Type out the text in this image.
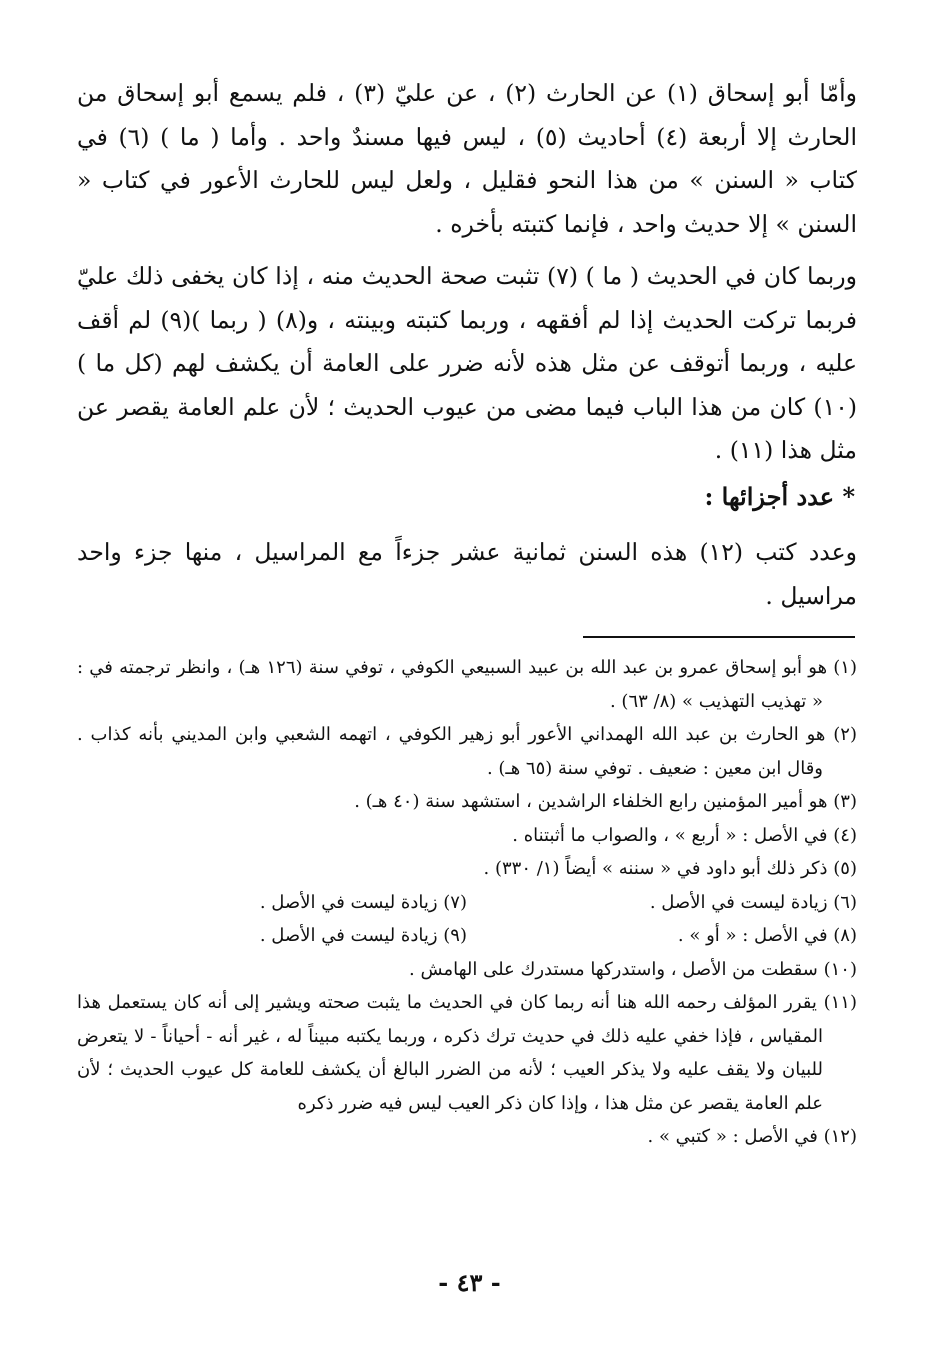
وأمّا أبو إسحاق (١) عن الحارث (٢) ، عن عليّ (٣) ، فلم يسمع أبو إسحاق من الحارث إلا أربعة (٤) أحاديث (٥) ، ليس فيها مسندٌ واحد . وأما ( ما ) (٦) في كتاب « السنن » من هذا النحو فقليل ، ولعل ليس للحارث الأعور في كتاب « السنن » إلا حديث واحد ، فإنما كتبته بأخره .
وربما كان في الحديث ( ما ) (٧) تثبت صحة الحديث منه ، إذا كان يخفى ذلك عليّ فربما تركت الحديث إذا لم أفقهه ، وربما كتبته وبينته ، و(٨) ( ربما )(٩) لم أقف عليه ، وربما أتوقف عن مثل هذه لأنه ضرر على العامة أن يكشف لهم (كل ما ) (١٠) كان من هذا الباب فيما مضى من عيوب الحديث ؛ لأن علم العامة يقصر عن مثل هذا (١١) .
* عدد أجزائها :
وعدد كتب (١٢) هذه السنن ثمانية عشر جزءاً مع المراسيل ، منها جزء واحد مراسيل .
(١) هو أبو إسحاق عمرو بن عبد الله بن عبيد السبيعي الكوفي ، توفي سنة (١٢٦ هـ) ، وانظر ترجمته في : « تهذيب التهذيب » (٨/ ٦٣) .
(٢) هو الحارث بن عبد الله الهمداني الأعور أبو زهير الكوفي ، اتهمه الشعبي وابن المديني بأنه كذاب . وقال ابن معين : ضعيف . توفي سنة (٦٥ هـ) .
(٣) هو أمير المؤمنين رابع الخلفاء الراشدين ، استشهد سنة (٤٠ هـ) .
(٤) في الأصل : « أربع » ، والصواب ما أثبتناه .
(٥) ذكر ذلك أبو داود في « سننه » أيضاً (١/ ٣٣٠) .
(٦) زيادة ليست في الأصل .
(٧) زيادة ليست في الأصل .
(٨) في الأصل : « أو » .
(٩) زيادة ليست في الأصل .
(١٠) سقطت من الأصل ، واستدركها مستدرك على الهامش .
(١١) يقرر المؤلف رحمه الله هنا أنه ربما كان في الحديث ما يثبت صحته ويشير إلى أنه كان يستعمل هذا المقياس ، فإذا خفي عليه ذلك في حديث ترك ذكره ، وربما يكتبه مبيناً له ، غير أنه - أحياناً - لا يتعرض للبيان ولا يقف عليه ولا يذكر العيب ؛ لأنه من الضرر البالغ أن يكشف للعامة كل عيوب الحديث ؛ لأن علم العامة يقصر عن مثل هذا ، وإذا كان ذكر العيب ليس فيه ضرر ذكره
(١٢) في الأصل : « كتبي » .
- ٤٣ -
